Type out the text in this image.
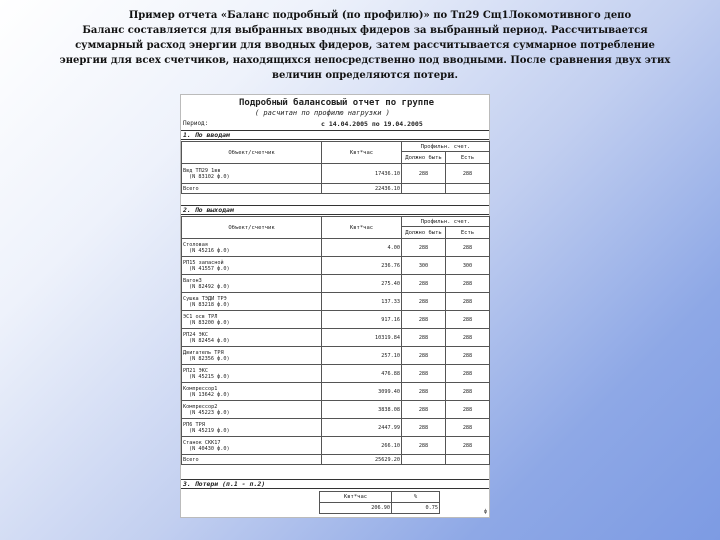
Пример отчета «Баланс подробный (по профилю)» по Тп29 Сщ1Локомотивного депо
Баланс составляется для выбранных вводных фидеров за выбранный период. Рассчитывается суммарный расход энергии для вводных фидеров, затем рассчитывается суммарное потребление энергии для всех счетчиков, находящихся непосредственно под вводными. После сравнения двух этих величин определяются потери.
Подробный балансовый отчет по группе
( расчитан по профилю нагрузки )
Период:	с 14.04.2005 по 19.04.2005
1. По вводам
Объект/счетчик	Квт*час	Профильн. счет.	
		Должно быть	Есть

Ввд ТП29 1вв
(N 83102 ф.0)	17436.10	288	288
Всего	22436.10		
2. По выходам
Объект/счетчик	Квт*час	Профильн. счет.	
		Должно быть	Есть

Столовая
(N 45216 ф.0)	4.00	288	288

РП15 запасной
(N 41557 ф.0)	236.76	300	300

Вагон3
(N 82492 ф.0)	275.40	288	288

Сушка ТЭДИ ТРЭ
(N 83218 ф.0)	137.33	288	288

ЭС1 осв ТРЛ
(N 83200 ф.0)	917.16	288	288

РП24 ЭКС
(N 82454 ф.0)	10319.84	288	288

Двигатель ТРЯ
(N 82356 ф.0)	257.10	288	288

РП21 ЭКС
(N 45215 ф.0)	476.88	288	288

Компрессор1
(N 13642 ф.0)	3099.40	288	288

Компрессор2
(N 45223 ф.0)	3838.08	288	288

РП6 ТРЯ
(N 45219 ф.0)	2447.99	288	288

Станок СКК17
(N 40430 ф.0)	266.10	288	288
Всего	25629.20		
3. Потери (п.1 - п.2)
Квт*час	%
206.90	0.75
ф
